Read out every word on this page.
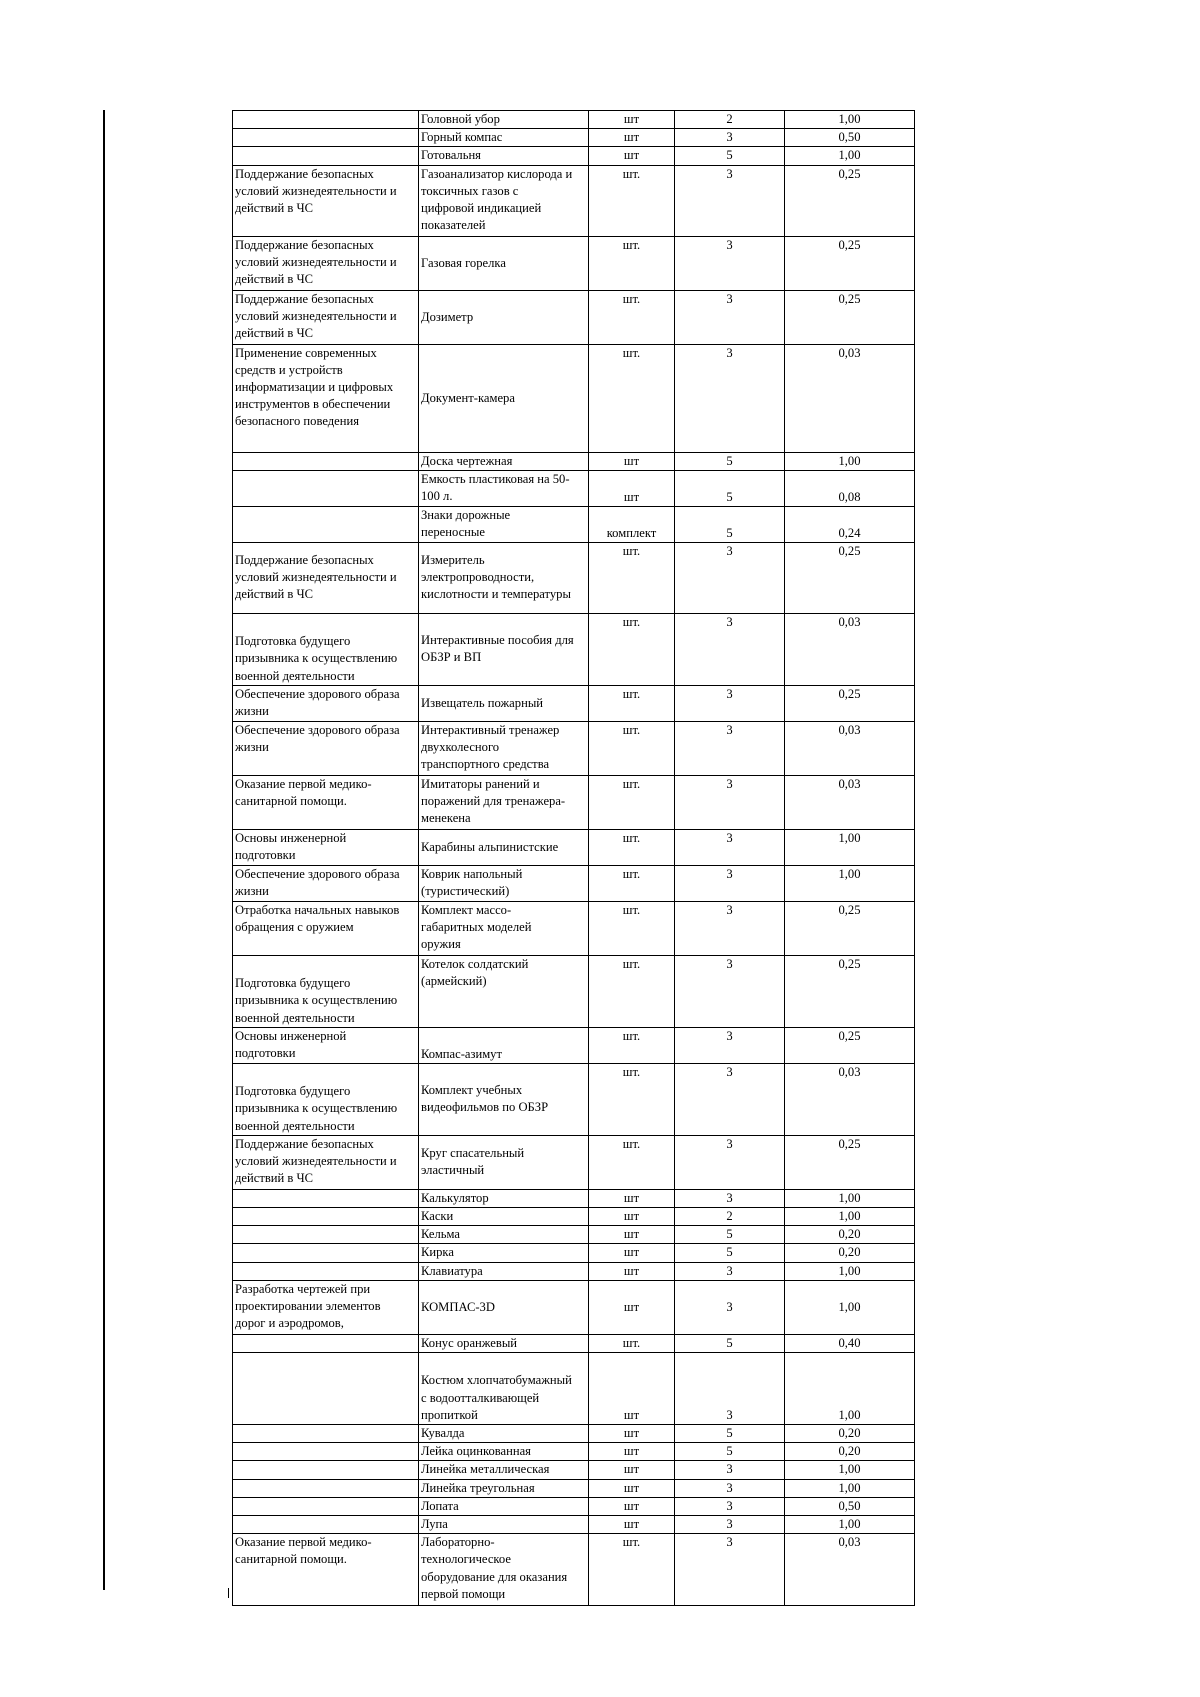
	Головной убор	шт	2	1,00
	Горный компас	шт	3	0,50
	Готовальня	шт	5	1,00
Поддержание безопасных
условий жизнедеятельности и
действий в ЧС	Газоанализатор кислорода и
токсичных газов с
цифровой индикацией
показателей	шт.	3	0,25
Поддержание безопасных
условий жизнедеятельности и
действий в ЧС	Газовая горелка	шт.	3	0,25
Поддержание безопасных
условий жизнедеятельности и
действий в ЧС	Дозиметр	шт.	3	0,25
Применение современных
средств и устройств
информатизации и цифровых
инструментов в обеспечении
безопасного поведения	Документ-камера	шт.	3	0,03
	Доска чертежная	шт	5	1,00
	Емкость пластиковая на 50-
100 л.	шт	5	0,08
	Знаки дорожные
переносные	комплект	5	0,24
Поддержание безопасных
условий жизнедеятельности и
действий в ЧС	Измеритель
электропроводности,
кислотности и температуры	шт.	3	0,25
Подготовка будущего
призывника к осуществлению
военной деятельности	Интерактивные пособия для
ОБЗР и ВП	шт.	3	0,03
Обеспечение здорового образа
жизни	Извещатель пожарный	шт.	3	0,25
Обеспечение здорового образа
жизни	Интерактивный тренажер
двухколесного
транспортного средства	шт.	3	0,03
Оказание первой медико-
санитарной помощи.	Имитаторы ранений и
поражений для тренажера-
менекена	шт.	3	0,03
Основы инженерной
подготовки	Карабины альпинистские	шт.	3	1,00
Обеспечение здорового образа
жизни	Коврик напольный
(туристический)	шт.	3	1,00
Отработка начальных навыков
обращения с оружием	Комплект массо-
габаритных моделей
оружия	шт.	3	0,25
Подготовка будущего
призывника к осуществлению
военной деятельности	Котелок солдатский
(армейский)	шт.	3	0,25
Основы инженерной
подготовки	Компас-азимут	шт.	3	0,25
Подготовка будущего
призывника к осуществлению
военной деятельности	Комплект учебных
видеофильмов по ОБЗР	шт.	3	0,03
Поддержание безопасных
условий жизнедеятельности и
действий в ЧС	Круг спасательный
эластичный	шт.	3	0,25
	Калькулятор	шт	3	1,00
	Каски	шт	2	1,00
	Кельма	шт	5	0,20
	Кирка	шт	5	0,20
	Клавиатура	шт	3	1,00
Разработка чертежей при
проектировании элементов
дорог и аэродромов,	КОМПАС-3D	шт	3	1,00
	Конус оранжевый	шт.	5	0,40
	Костюм хлопчатобумажный
с водоотталкивающей
пропиткой	шт	3	1,00
	Кувалда	шт	5	0,20
	Лейка оцинкованная	шт	5	0,20
	Линейка металлическая	шт	3	1,00
	Линейка треугольная	шт	3	1,00
	Лопата	шт	3	0,50
	Лупа	шт	3	1,00
Оказание первой медико-
санитарной помощи.	Лабораторно-
технологическое
оборудование для оказания
первой помощи	шт.	3	0,03
